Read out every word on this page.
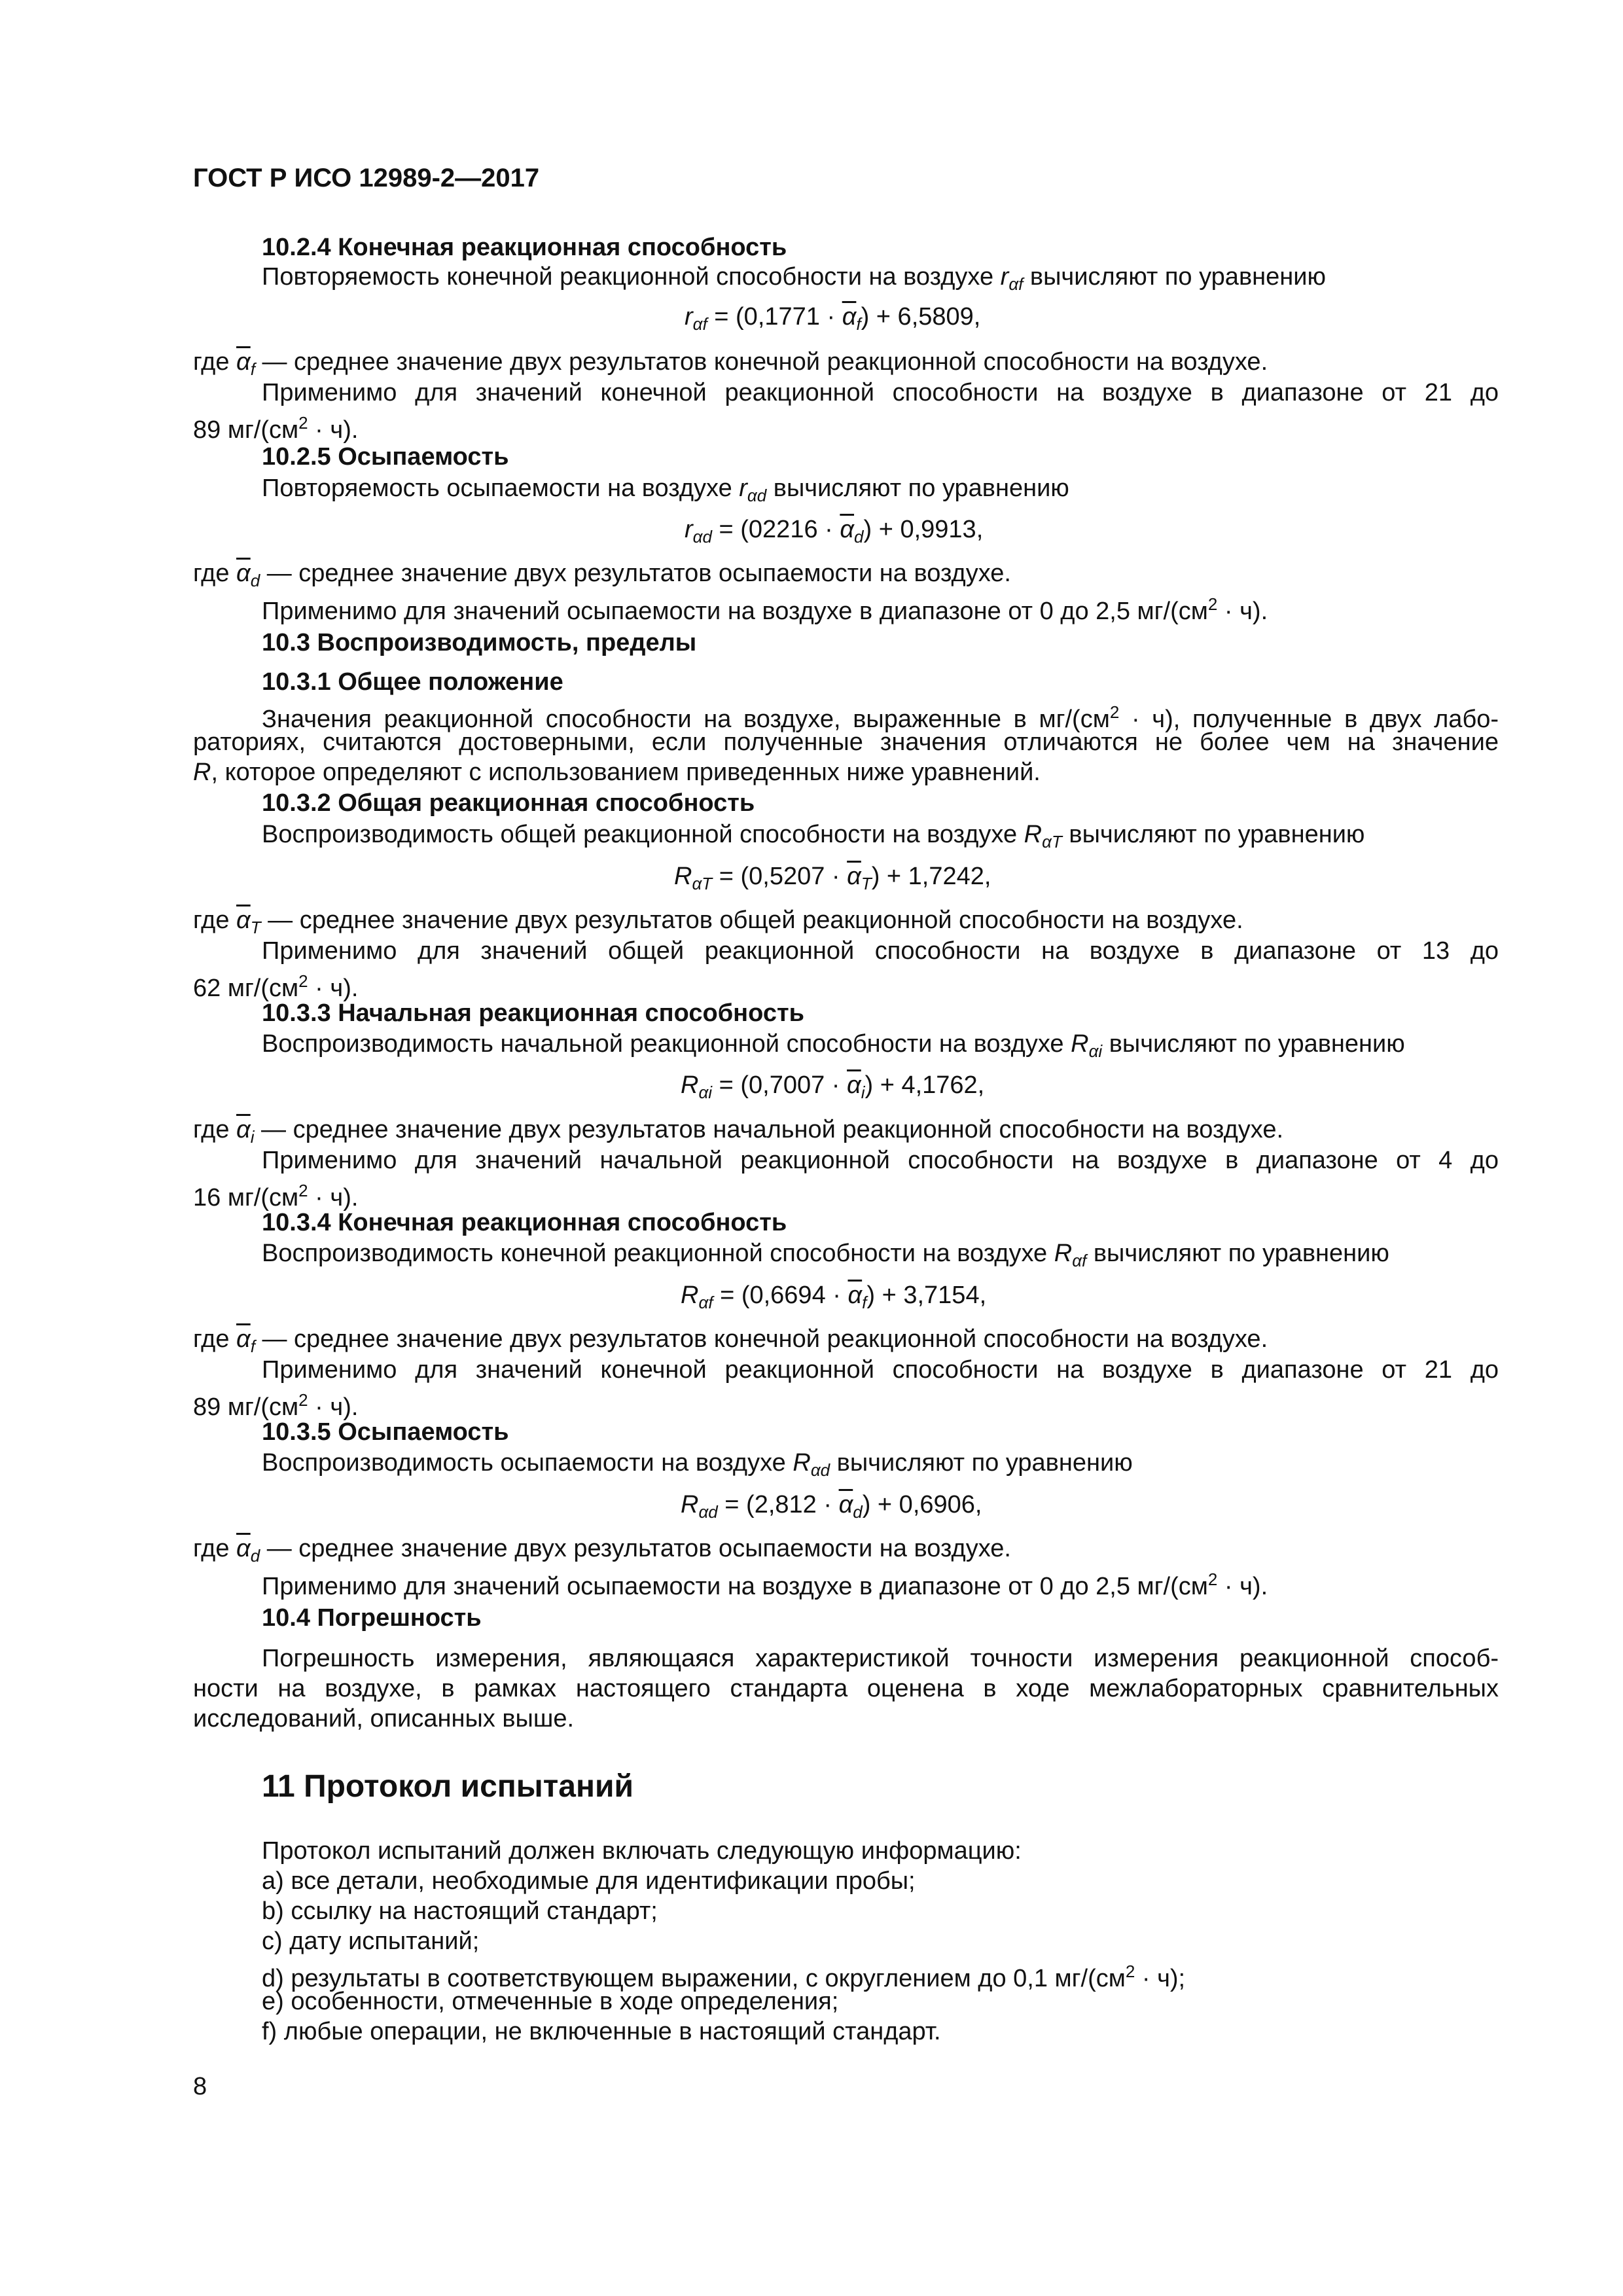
ГОСТ Р ИСО 12989-2—2017
10.2.4 Конечная реакционная способность
Повторяемость конечной реакционной способности на воздухе $r_{\alpha f}$ вычисляют по уравнению
$r_{\alpha f} = (0,1771 \cdot \overline{\alpha}_f) + 6,5809$,
где $\overline{\alpha}_f$ — среднее значение двух результатов конечной реакционной способности на воздухе.
Применимо для значений конечной реакционной способности на воздухе в диапазоне от 21 до
89 $мг/(см^2 \cdot ч)$.
10.2.5 Осыпаемость
Повторяемость осыпаемости на воздухе $r_{\alpha d}$ вычисляют по уравнению
$r_{\alpha d} = (02216 \cdot \overline{\alpha}_d) + 0,9913$,
где $\overline{\alpha}_d$ — среднее значение двух результатов осыпаемости на воздухе.
Применимо для значений осыпаемости на воздухе в диапазоне от 0 до 2,5 $мг/(см^2 \cdot ч)$.
10.3 Воспроизводимость, пределы
10.3.1 Общее положение
Значения реакционной способности на воздухе, выраженные в $мг/(см^2 \cdot ч)$, полученные в двух лабо-
раториях, считаются достоверными, если полученные значения отличаются не более чем на значение
R, которое определяют с использованием приведенных ниже уравнений.
10.3.2 Общая реакционная способность
Воспроизводимость общей реакционной способности на воздухе $R_{\alpha T}$ вычисляют по уравнению
$R_{\alpha T} = (0,5207 \cdot \overline{\alpha}_T) + 1,7242$,
где $\overline{\alpha}_T$ — среднее значение двух результатов общей реакционной способности на воздухе.
Применимо для значений общей реакционной способности на воздухе в диапазоне от 13 до
62 $мг/(см^2 \cdot ч)$.
10.3.3 Начальная реакционная способность
Воспроизводимость начальной реакционной способности на воздухе $R_{\alpha i}$ вычисляют по уравнению
$R_{\alpha i} = (0,7007 \cdot \overline{\alpha}_i) + 4,1762$,
где $\overline{\alpha}_i$ — среднее значение двух результатов начальной реакционной способности на воздухе.
Применимо для значений начальной реакционной способности на воздухе в диапазоне от 4 до
16 $мг/(см^2 \cdot ч)$.
10.3.4 Конечная реакционная способность
Воспроизводимость конечной реакционной способности на воздухе $R_{\alpha f}$ вычисляют по уравнению
$R_{\alpha f} = (0,6694 \cdot \overline{\alpha}_f) + 3,7154$,
где $\overline{\alpha}_f$ — среднее значение двух результатов конечной реакционной способности на воздухе.
Применимо для значений конечной реакционной способности на воздухе в диапазоне от 21 до
89 $мг/(см^2 \cdot ч)$.
10.3.5 Осыпаемость
Воспроизводимость осыпаемости на воздухе $R_{\alpha d}$ вычисляют по уравнению
$R_{\alpha d} = (2,812 \cdot \overline{\alpha}_d) + 0,6906$,
где $\overline{\alpha}_d$ — среднее значение двух результатов осыпаемости на воздухе.
Применимо для значений осыпаемости на воздухе в диапазоне от 0 до 2,5 $мг/(см^2 \cdot ч)$.
10.4 Погрешность
Погрешность измерения, являющаяся характеристикой точности измерения реакционной способ-
ности на воздухе, в рамках настоящего стандарта оценена в ходе межлабораторных сравнительных
исследований, описанных выше.
11 Протокол испытаний
Протокол испытаний должен включать следующую информацию:
a) все детали, необходимые для идентификации пробы;
b) ссылку на настоящий стандарт;
c) дату испытаний;
d) результаты в соответствующем выражении, с округлением до 0,1 $мг/(см^2 \cdot ч)$;
e) особенности, отмеченные в ходе определения;
f) любые операции, не включенные в настоящий стандарт.
8
